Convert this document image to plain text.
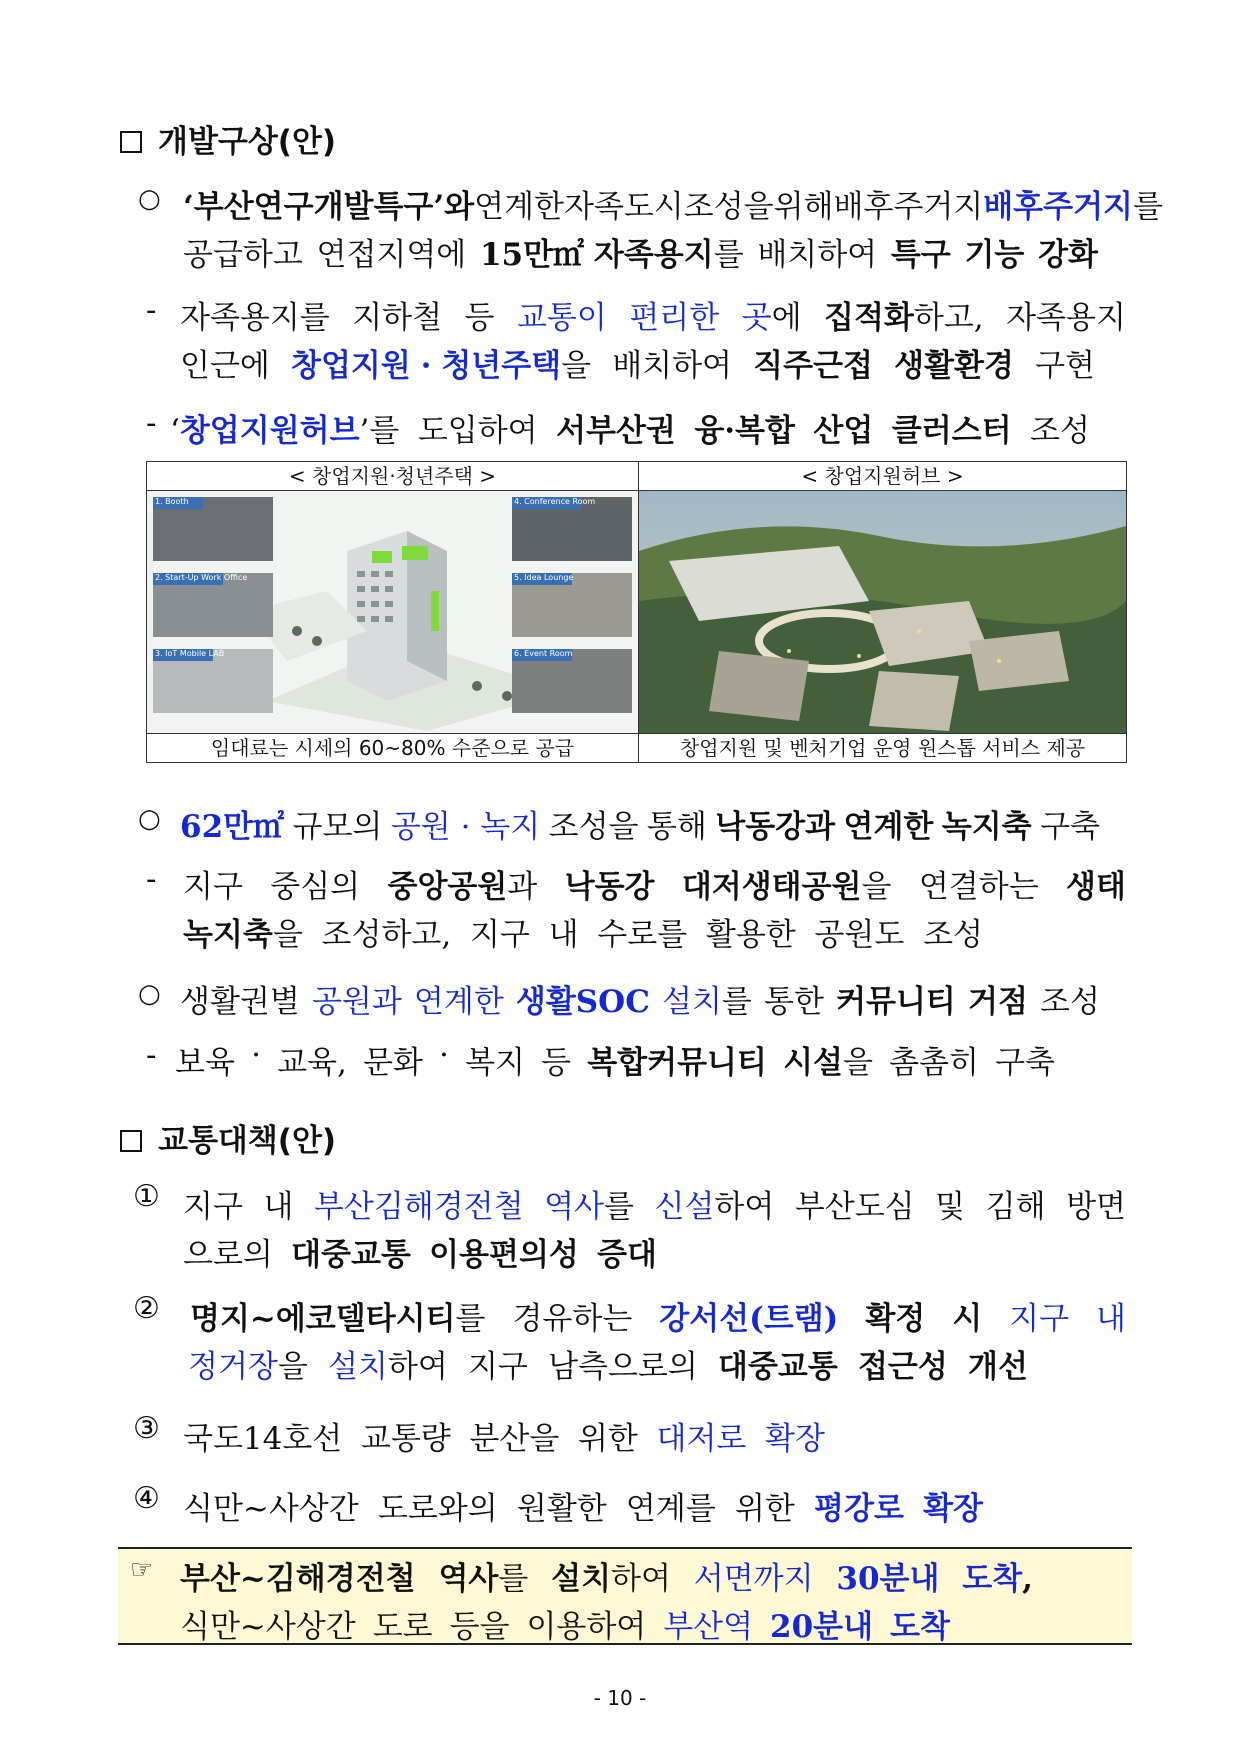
개발구상(안)
○ ‘부산연구개발특구’와연계한 자족도시 조성을 위해 배후주거지 배후주거지를
공급하고 연접지역에 15만㎡ 자족용지를 배치하여 특구 기능 강화
- 자족용지를 지하철 등 교통이 편리한 곳에 집적화하고, 자족용지
인근에 창업지원 · 청년주택을 배치하여 직주근접 생활환경 구현
- ‘창업지원허브’를 도입하여 서부산권 융·복합 산업 클러스터 조성
< 창업지원·청년주택 >	< 창업지원허브 >
1. Booth
2. Start-Up Work Office
3. IoT Mobile LAB
4. Conference Room
5. Idea Lounge
6. Event Room
임대료는 시세의 60~80% 수준으로 공급	창업지원 및 벤처기업 운영 원스톱 서비스 제공
○ 62만㎡ 규모의 공원 · 녹지 조성을 통해 낙동강과 연계한 녹지축 구축
- 지구 중심의 중앙공원과 낙동강 대저생태공원을 연결하는 생태
녹지축을 조성하고, 지구 내 수로를 활용한 공원도 조성
○ 생활권별 공원과 연계한 생활SOC 설치를 통한 커뮤니티 거점 조성
- 보육 · 교육, 문화 · 복지 등 복합커뮤니티 시설을 촘촘히 구축
교통대책(안)
① 지구 내 부산김해경전철 역사를 신설하여 부산도심 및 김해 방면
으로의 대중교통 이용편의성 증대
② 명지~에코델타시티를 경유하는 강서선(트램) 확정 시 지구 내
정거장을 설치하여 지구 남측으로의 대중교통 접근성 개선
③ 국도14호선 교통량 분산을 위한 대저로 확장
④ 식만~사상간 도로와의 원활한 연계를 위한 평강로 확장
☞ 부산~김해경전철 역사를 설치하여 서면까지 30분내 도착,
식만~사상간 도로 등을 이용하여 부산역 20분내 도착
- 10 -
